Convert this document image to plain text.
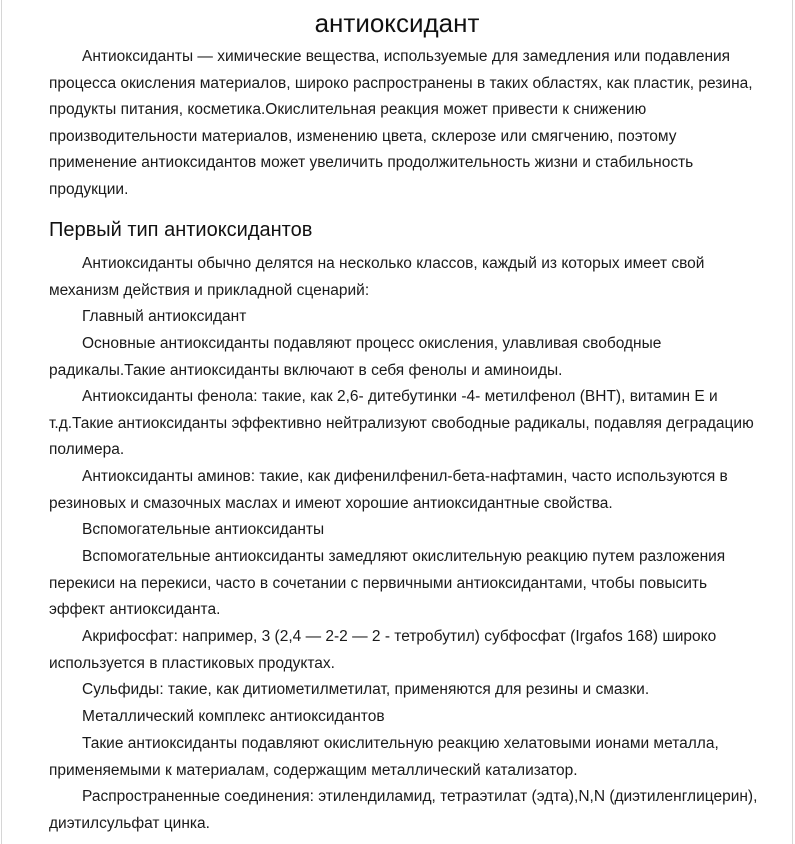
антиоксидант

Антиоксиданты — химические вещества, используемые для замедления или подавления процесса окисления материалов, широко распространены в таких областях, как пластик, резина, продукты питания, косметика.Окислительная реакция может привести к снижению производительности материалов, изменению цвета, склерозе или смягчению, поэтому применение антиоксидантов может увеличить продолжительность жизни и стабильность продукции.

Первый тип антиоксидантов

Антиоксиданты обычно делятся на несколько классов, каждый из которых имеет свой механизм действия и прикладной сценарий:

Главный антиоксидант

Основные антиоксиданты подавляют процесс окисления, улавливая свободные радикалы.Такие антиоксиданты включают в себя фенолы и аминоиды.

Антиоксиданты фенола: такие, как 2,6- дитебутинки -4- метилфенол (BHT), витамин E и т.д.Такие антиоксиданты эффективно нейтрализуют свободные радикалы, подавляя деградацию полимера.

Антиоксиданты аминов: такие, как дифенилфенил-бета-нафтамин, часто используются в резиновых и смазочных маслах и имеют хорошие антиоксидантные свойства.

Вспомогательные антиоксиданты

Вспомогательные антиоксиданты замедляют окислительную реакцию путем разложения перекиси на перекиси, часто в сочетании с первичными антиоксидантами, чтобы повысить эффект антиоксиданта.

Акрифосфат: например, 3 (2,4 — 2-2 — 2 - тетробутил) субфосфат (Irgafos 168) широко используется в пластиковых продуктах.

Сульфиды: такие, как дитиометилметилат, применяются для резины и смазки.

Металлический комплекс антиоксидантов

Такие антиоксиданты подавляют окислительную реакцию хелатовыми ионами металла, применяемыми к материалам, содержащим металлический катализатор.

Распространенные соединения: этилендиламид, тетраэтилат (эдта),N,N (диэтиленглицерин), диэтилсульфат цинка.
